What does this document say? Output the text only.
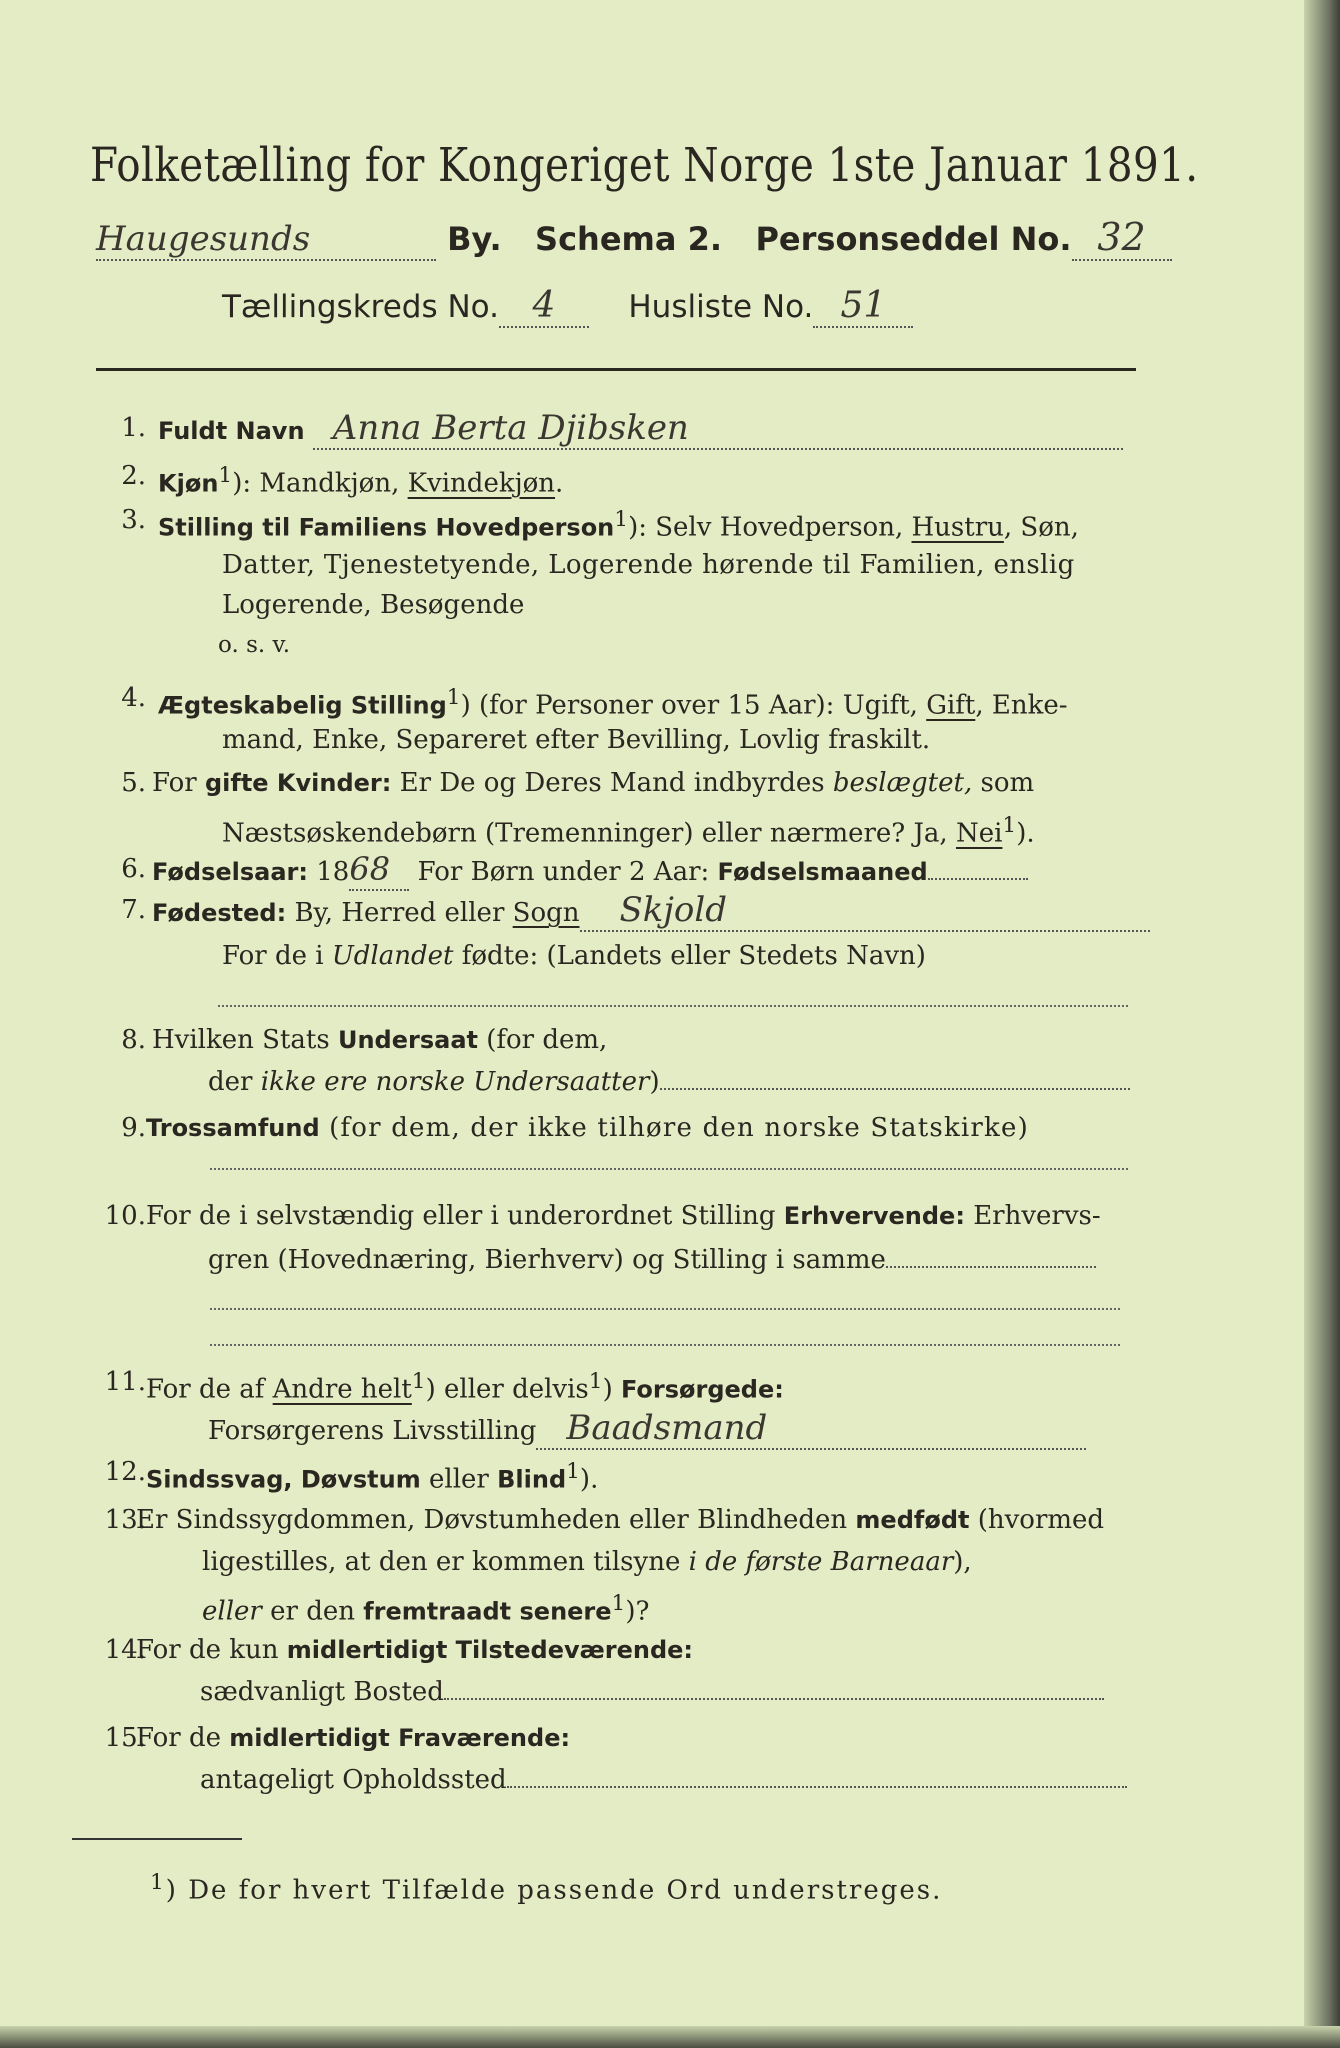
Folketælling for Kongeriget Norge 1ste Januar 1891.
Haugesunds	By. Schema 2. Personseddel No. 32
Tællingskreds No. 4 Husliste No. 51
1. Fuldt Navn Anna Berta Djibsken
2. Kjøn$^1$): Mandkjøn, Kvindekjøn.
3. Stilling til Familiens Hovedperson$^1$): Selv Hovedperson, Hustru, Søn,
Datter, Tjenestetyende, Logerende hørende til Familien, enslig
Logerende, Besøgende
o. s. v.
4. Ægteskabelig Stilling$^1$) (for Personer over 15 Aar): Ugift, Gift, Enke-
mand, Enke, Separeret efter Bevilling, Lovlig fraskilt.
5. For gifte Kvinder: Er De og Deres Mand indbyrdes beslægtet, som
Næstsøskendebørn (Tremenninger) eller nærmere? Ja, Nei$^1$).
6. Fødselsaar: 1868 For Børn under 2 Aar: Fødselsmaaned
7. Fødested: By, Herred eller Sogn Skjold
For de i Udlandet fødte: (Landets eller Stedets Navn)
8. Hvilken Stats Undersaat (for dem,
der ikke ere norske Undersaatter)
9. Trossamfund (for dem, der ikke tilhøre den norske Statskirke)
10. For de i selvstændig eller i underordnet Stilling Erhvervende: Erhvervs-
gren (Hovednæring, Bierhverv) og Stilling i samme
11. For de af Andre helt$^1$) eller delvis$^1$) Forsørgede:
Forsørgerens Livsstilling Baadsmand
12. Sindssvag, Døvstum eller Blind$^1$).
13.
Er Sindssygdommen, Døvstumheden eller Blindheden medfødt (hvormed
ligestilles, at den er kommen tilsyne i de første Barneaar),
eller er den fremtraadt senere$^1$)?
14.
For de kun midlertidigt Tilstedeværende:
sædvanligt Bosted
15.
For de midlertidigt Fraværende:
antageligt Opholdssted
$^1$) De for hvert Tilfælde passende Ord understreges.
